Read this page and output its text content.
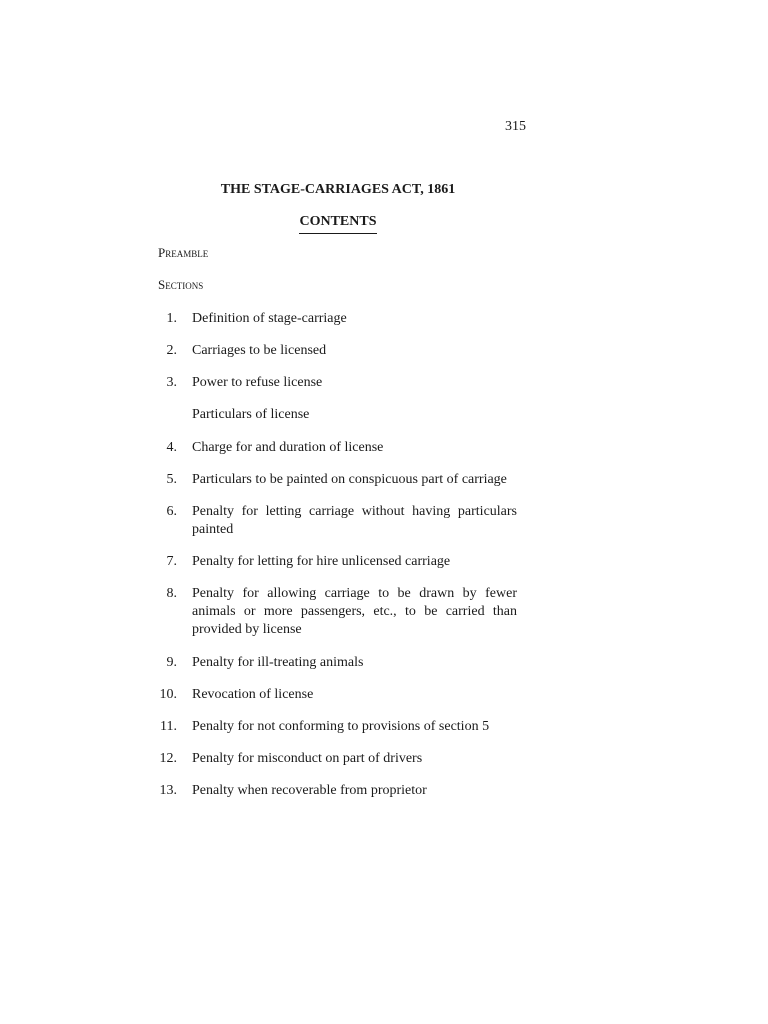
315
THE STAGE-CARRIAGES ACT, 1861
CONTENTS
Preamble
Sections
1. Definition of stage-carriage
2. Carriages to be licensed
3. Power to refuse license
Particulars of license
4. Charge for and duration of license
5. Particulars to be painted on conspicuous part of carriage
6. Penalty for letting carriage without having particulars painted
7. Penalty for letting for hire unlicensed carriage
8. Penalty for allowing carriage to be drawn by fewer animals or more passengers, etc., to be carried than provided by license
9. Penalty for ill-treating animals
10. Revocation of license
11. Penalty for not conforming to provisions of section 5
12. Penalty for misconduct on part of drivers
13. Penalty when recoverable from proprietor
